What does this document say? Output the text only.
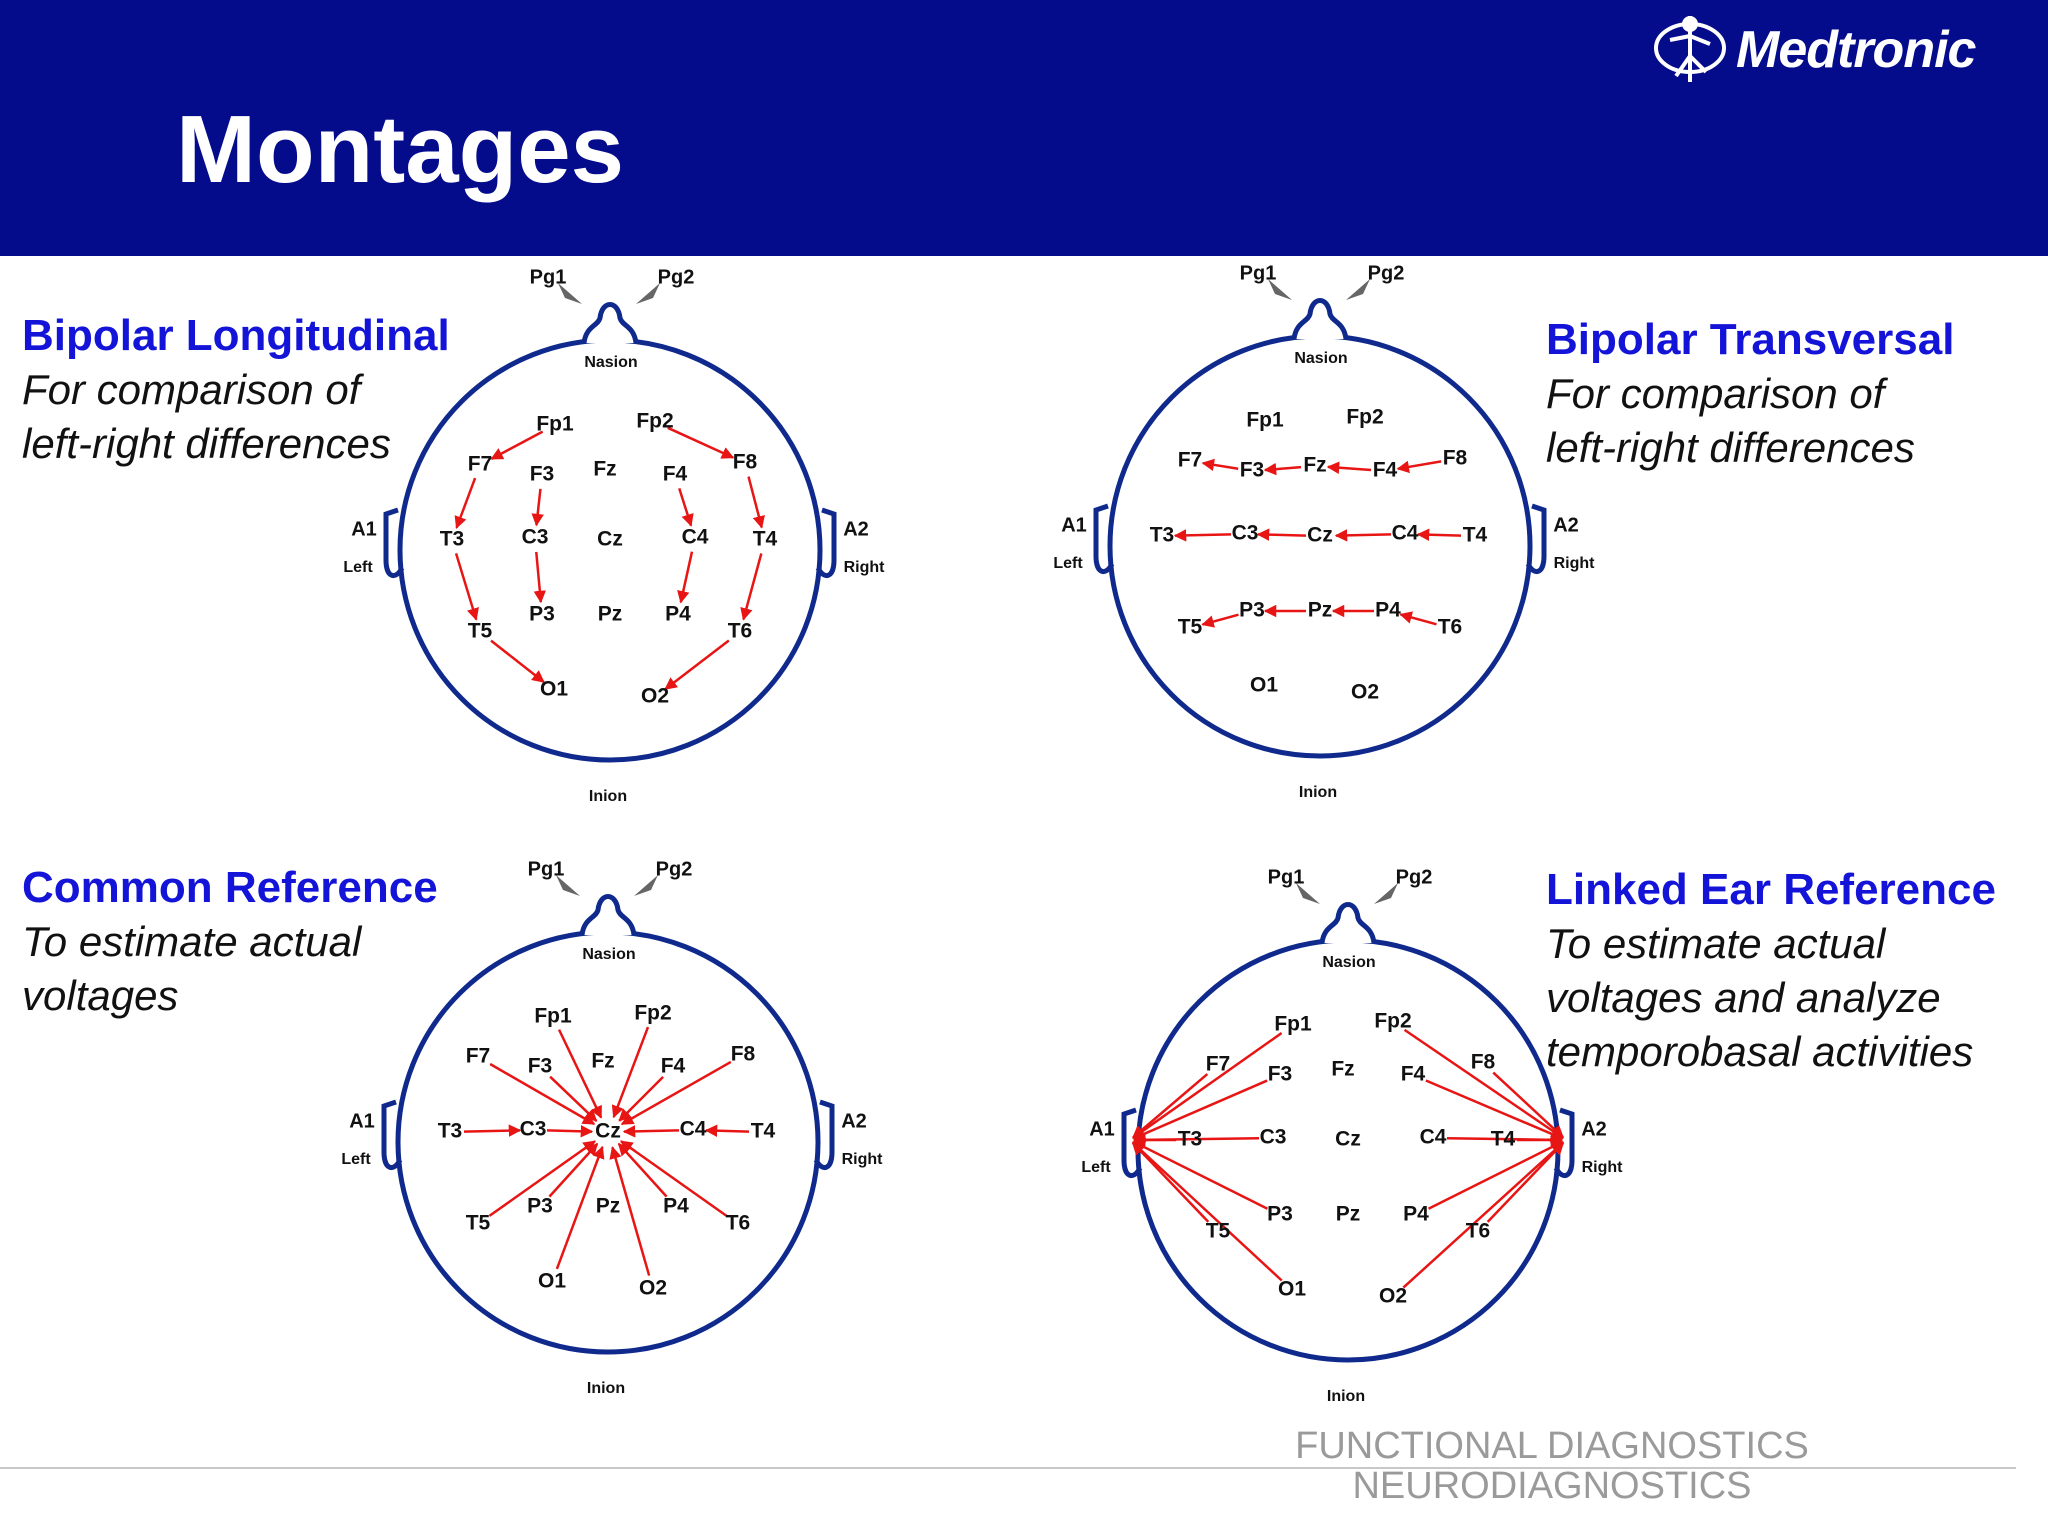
Montages
Medtronic
Bipolar Longitudinal
For comparison of
left-right differences
Bipolar Transversal
For comparison of
left-right differences
Common Reference
To estimate actual
voltages
Linked Ear Reference
To estimate actual
voltages and analyze
temporobasal activities
Pg1	Pg2
Nasion
Inion
A1	A2
Left	Right
Fp1	Fp2
F7 F3 Fz F4
F8
T3	C3 Cz	C4 T4
T5
P3 Pz P4
T6
O1	O2
Pg1	Pg2
Nasion
Inion
A1	A2
Left	Right
Fp1	Fp2
F7 F3 Fz F4
F8
T3	C3 Cz	C4 T4
T5
P3 Pz P4
T6
O1	O2
Pg1	Pg2
Nasion
Inion
A1	A2
Left	Right
Fp1	Fp2
F7 F3 Fz F4
F8
T3	C3 Cz	C4 T4
T5
P3 Pz P4
T6
O1	O2
Pg1	Pg2
Nasion
Inion
A1	A2
Left	Right
Fp1	Fp2
F7 F3 Fz F4
F8
T3	C3 Cz	C4 T4
T5
P3 Pz P4
T6
O1	O2
FUNCTIONAL DIAGNOSTICS
NEURODIAGNOSTICS
